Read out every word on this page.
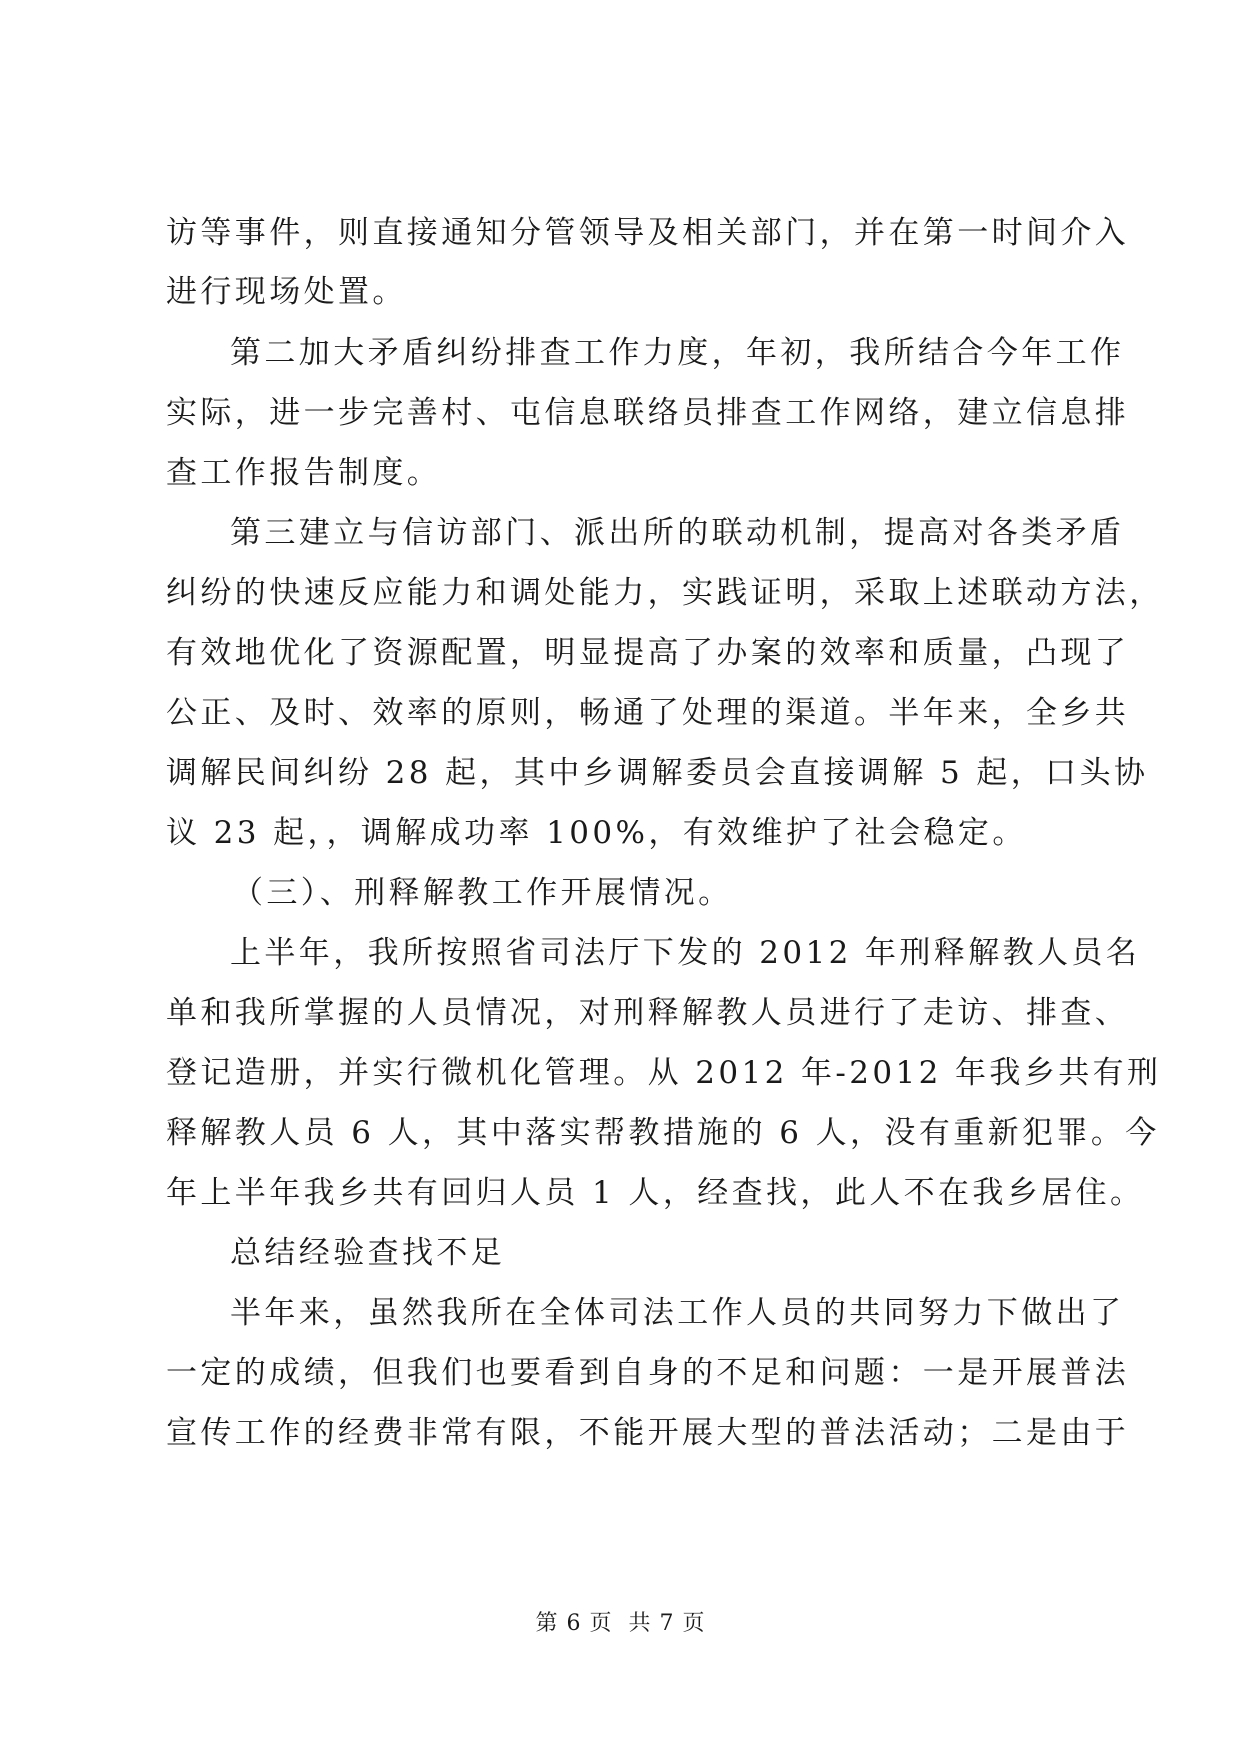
访等事件，则直接通知分管领导及相关部门，并在第一时间介入
进行现场处置。
第二加大矛盾纠纷排查工作力度，年初，我所结合今年工作
实际，进一步完善村、屯信息联络员排查工作网络，建立信息排
查工作报告制度。
第三建立与信访部门、派出所的联动机制，提高对各类矛盾
纠纷的快速反应能力和调处能力，实践证明，采取上述联动方法，
有效地优化了资源配置，明显提高了办案的效率和质量，凸现了
公正、及时、效率的原则，畅通了处理的渠道。半年来，全乡共
调解民间纠纷 28 起，其中乡调解委员会直接调解 5 起，口头协
议 23 起，，调解成功率 100%，有效维护了社会稳定。
（三）、刑释解教工作开展情况。
上半年，我所按照省司法厅下发的 2012 年刑释解教人员名
单和我所掌握的人员情况，对刑释解教人员进行了走访、排查、
登记造册，并实行微机化管理。从 2012 年-2012 年我乡共有刑
释解教人员 6 人，其中落实帮教措施的 6 人，没有重新犯罪。今
年上半年我乡共有回归人员 1 人，经查找，此人不在我乡居住。
总结经验查找不足
半年来，虽然我所在全体司法工作人员的共同努力下做出了
一定的成绩，但我们也要看到自身的不足和问题：一是开展普法
宣传工作的经费非常有限，不能开展大型的普法活动；二是由于
第 6 页  共 7 页
